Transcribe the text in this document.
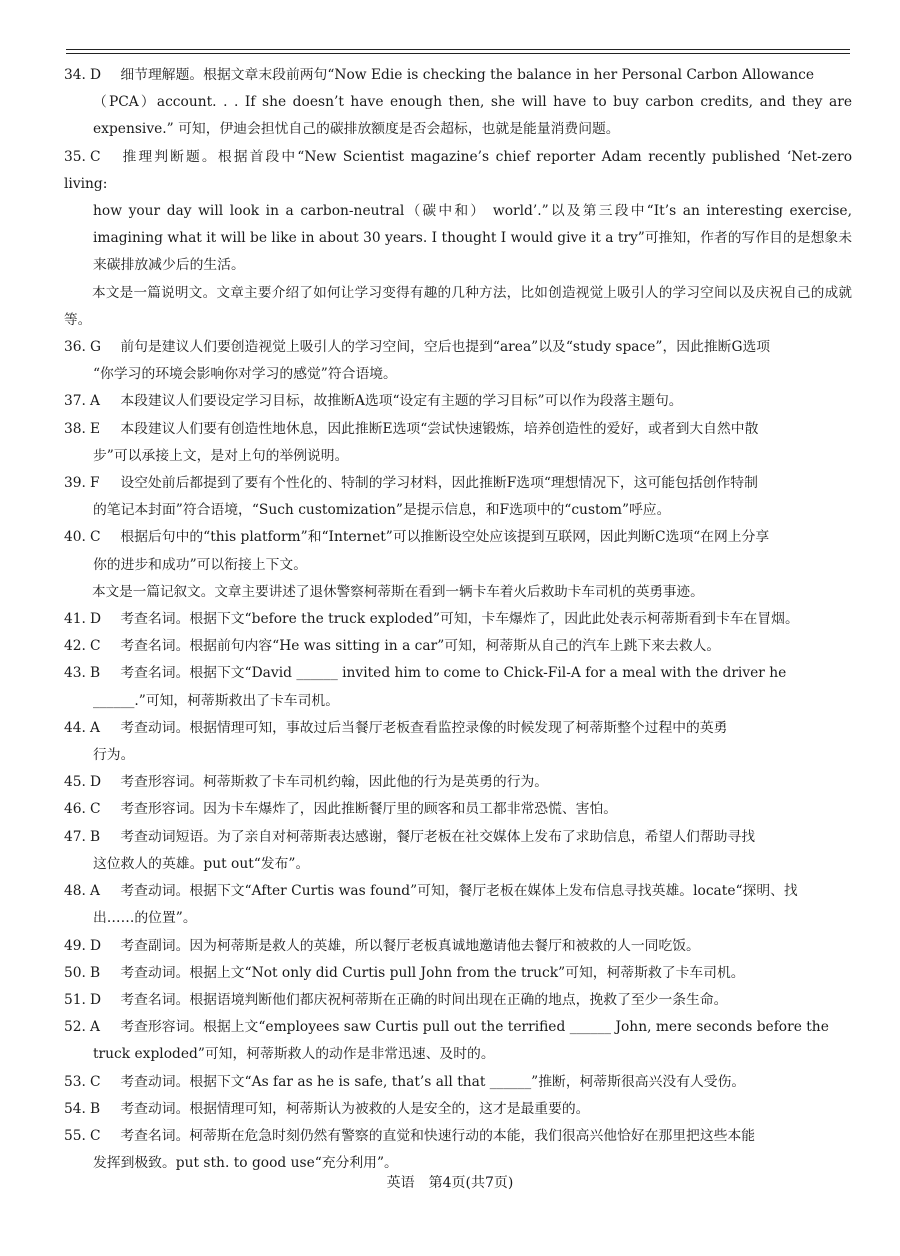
34. D 细节理解题。根据文章末段前两句“Now Edie is checking the balance in her Personal Carbon Allowance
（PCA）account. . . If she doesn’t have enough then, she will have to buy carbon credits, and they are expensive.” 可知，伊迪会担忧自己的碳排放额度是否会超标，也就是能量消费问题。
35. C 推理判断题。根据首段中“New Scientist magazine’s chief reporter Adam recently published ‘Net-zero living:
how your day will look in a carbon-neutral（碳中和） world’.”以及第三段中“It’s an interesting exercise, imagining what it will be like in about 30 years. I thought I would give it a try”可推知，作者的写作目的是想象未来碳排放减少后的生活。
本文是一篇说明文。文章主要介绍了如何让学习变得有趣的几种方法，比如创造视觉上吸引人的学习空间以及庆祝自己的成就等。
36. G 前句是建议人们要创造视觉上吸引人的学习空间，空后也提到“area”以及“study space”，因此推断G选项
“你学习的环境会影响你对学习的感觉”符合语境。
37. A 本段建议人们要设定学习目标，故推断A选项“设定有主题的学习目标”可以作为段落主题句。
38. E 本段建议人们要有创造性地休息，因此推断E选项“尝试快速锻炼，培养创造性的爱好，或者到大自然中散
步”可以承接上文，是对上句的举例说明。
39. F 设空处前后都提到了要有个性化的、特制的学习材料，因此推断F选项“理想情况下，这可能包括创作特制
的笔记本封面”符合语境，“Such customization”是提示信息，和F选项中的“custom”呼应。
40. C 根据后句中的“this platform”和“Internet”可以推断设空处应该提到互联网，因此判断C选项“在网上分享
你的进步和成功”可以衔接上下文。
本文是一篇记叙文。文章主要讲述了退休警察柯蒂斯在看到一辆卡车着火后救助卡车司机的英勇事迹。
41. D 考查名词。根据下文“before the truck exploded”可知，卡车爆炸了，因此此处表示柯蒂斯看到卡车在冒烟。
42. C 考查名词。根据前句内容“He was sitting in a car”可知，柯蒂斯从自己的汽车上跳下来去救人。
43. B 考查名词。根据下文“David ______ invited him to come to Chick-Fil-A for a meal with the driver he
______.”可知，柯蒂斯救出了卡车司机。
44. A 考查动词。根据情理可知，事故过后当餐厅老板查看监控录像的时候发现了柯蒂斯整个过程中的英勇
行为。
45. D 考查形容词。柯蒂斯救了卡车司机约翰，因此他的行为是英勇的行为。
46. C 考查形容词。因为卡车爆炸了，因此推断餐厅里的顾客和员工都非常恐慌、害怕。
47. B 考查动词短语。为了亲自对柯蒂斯表达感谢，餐厅老板在社交媒体上发布了求助信息，希望人们帮助寻找
这位救人的英雄。put out“发布”。
48. A 考查动词。根据下文“After Curtis was found”可知，餐厅老板在媒体上发布信息寻找英雄。locate“探明、找
出……的位置”。
49. D 考查副词。因为柯蒂斯是救人的英雄，所以餐厅老板真诚地邀请他去餐厅和被救的人一同吃饭。
50. B 考查动词。根据上文“Not only did Curtis pull John from the truck”可知，柯蒂斯救了卡车司机。
51. D 考查名词。根据语境判断他们都庆祝柯蒂斯在正确的时间出现在正确的地点，挽救了至少一条生命。
52. A 考查形容词。根据上文“employees saw Curtis pull out the terrified ______ John, mere seconds before the
truck exploded”可知，柯蒂斯救人的动作是非常迅速、及时的。
53. C 考查动词。根据下文“As far as he is safe, that’s all that ______”推断，柯蒂斯很高兴没有人受伤。
54. B 考查动词。根据情理可知，柯蒂斯认为被救的人是安全的，这才是最重要的。
55. C 考查名词。柯蒂斯在危急时刻仍然有警察的直觉和快速行动的本能，我们很高兴他恰好在那里把这些本能
发挥到极致。put sth. to good use“充分利用”。
英语　第4页(共7页)
